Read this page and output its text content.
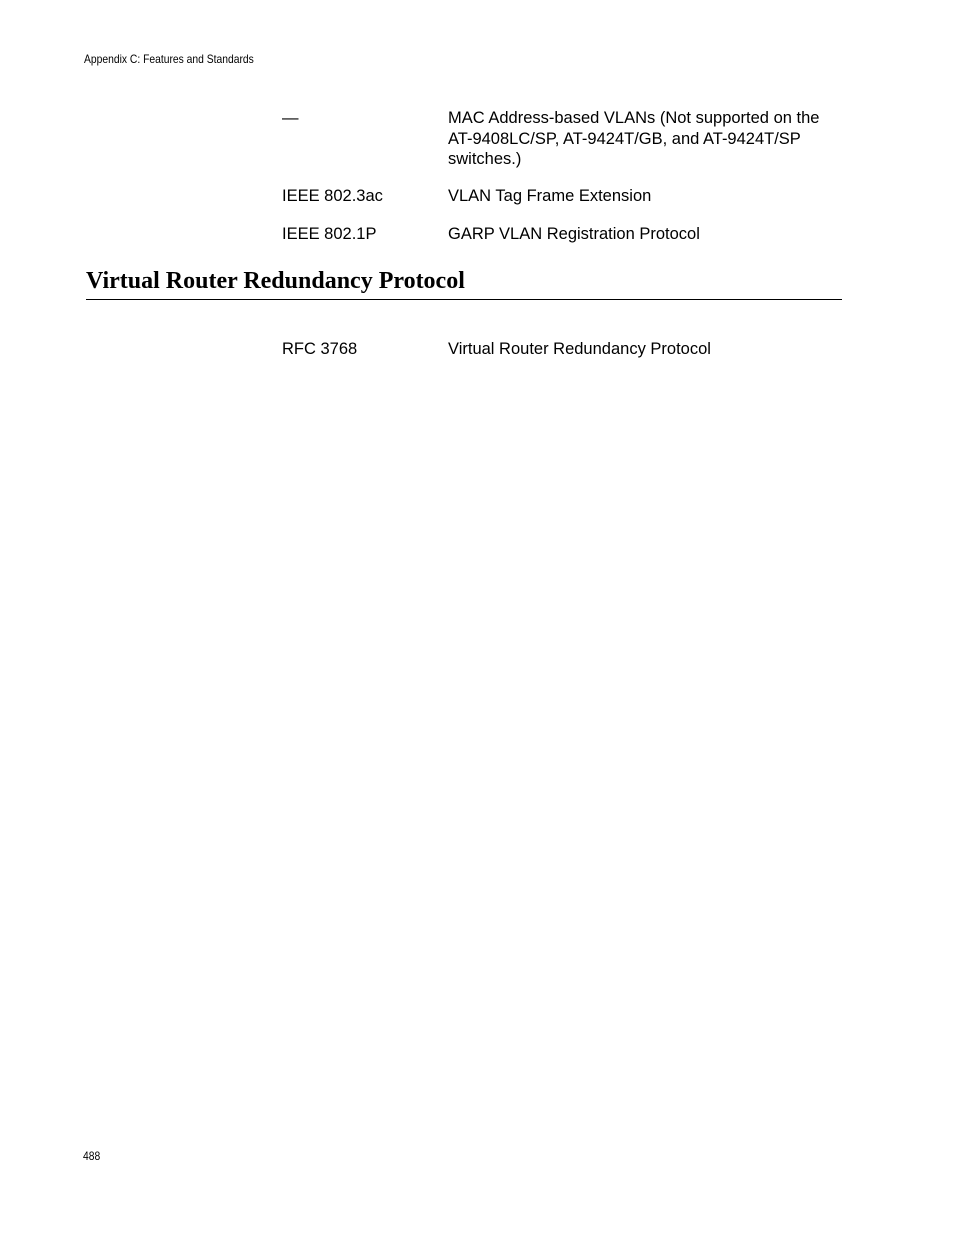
Appendix C: Features and Standards
—	MAC Address-based VLANs (Not supported on the AT-9408LC/SP, AT-9424T/GB, and AT-9424T/SP switches.)
IEEE 802.3ac	VLAN Tag Frame Extension
IEEE 802.1P	GARP VLAN Registration Protocol
Virtual Router Redundancy Protocol
RFC 3768	Virtual Router Redundancy Protocol
488
